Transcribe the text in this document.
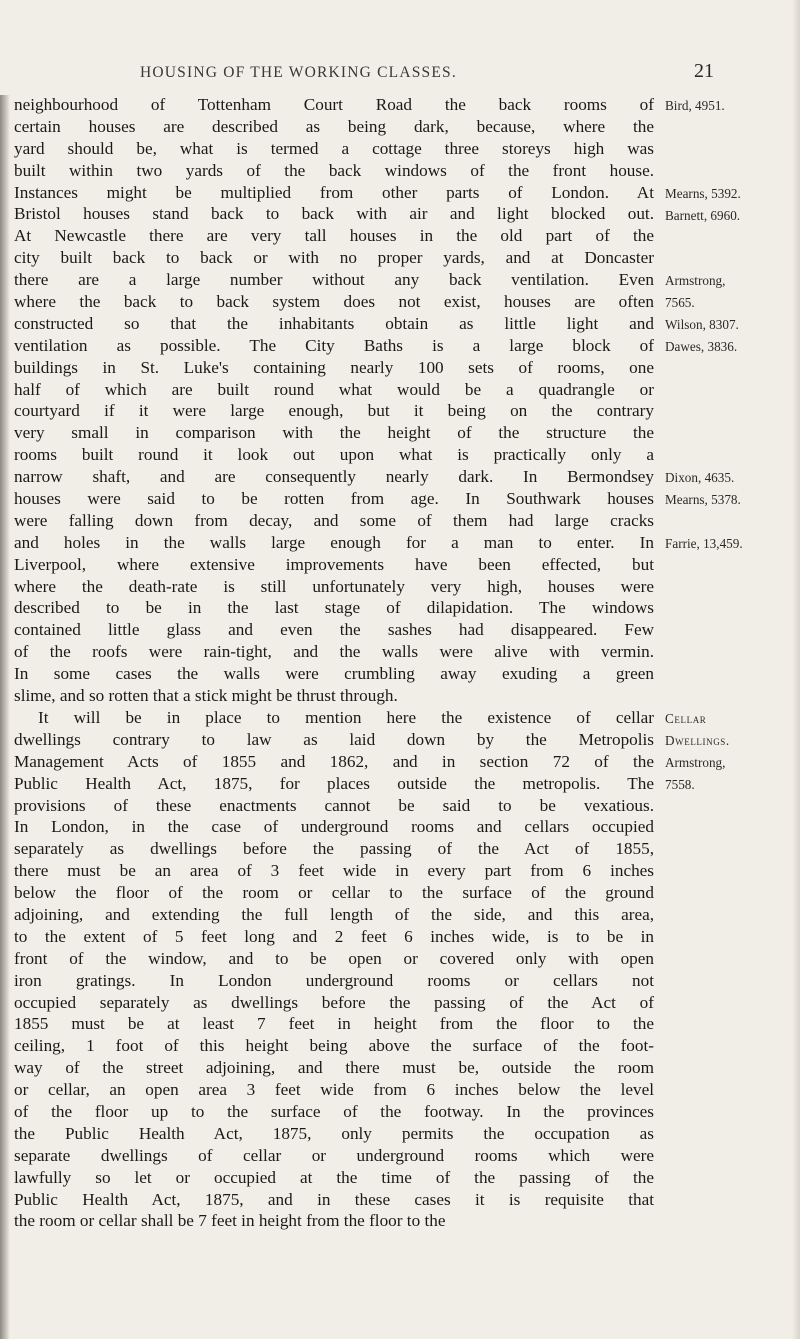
HOUSING OF THE WORKING CLASSES.	21
neighbourhood of Tottenham Court Road the back rooms of
certain houses are described as being dark, because, where the
yard should be, what is termed a cottage three storeys high was
built within two yards of the back windows of the front house.
Instances might be multiplied from other parts of London. At
Bristol houses stand back to back with air and light blocked out.
At Newcastle there are very tall houses in the old part of the
city built back to back or with no proper yards, and at Doncaster
there are a large number without any back ventilation. Even
where the back to back system does not exist, houses are often
constructed so that the inhabitants obtain as little light and
ventilation as possible. The City Baths is a large block of
buildings in St. Luke's containing nearly 100 sets of rooms, one
half of which are built round what would be a quadrangle or
courtyard if it were large enough, but it being on the contrary
very small in comparison with the height of the structure the
rooms built round it look out upon what is practically only a
narrow shaft, and are consequently nearly dark. In Bermondsey
houses were said to be rotten from age. In Southwark houses
were falling down from decay, and some of them had large cracks
and holes in the walls large enough for a man to enter. In
Liverpool, where extensive improvements have been effected, but
where the death-rate is still unfortunately very high, houses were
described to be in the last stage of dilapidation. The windows
contained little glass and even the sashes had disappeared. Few
of the roofs were rain-tight, and the walls were alive with vermin.
In some cases the walls were crumbling away exuding a green
slime, and so rotten that a stick might be thrust through.
It will be in place to mention here the existence of cellar
dwellings contrary to law as laid down by the Metropolis
Management Acts of 1855 and 1862, and in section 72 of the
Public Health Act, 1875, for places outside the metropolis. The
provisions of these enactments cannot be said to be vexatious.
In London, in the case of underground rooms and cellars occupied
separately as dwellings before the passing of the Act of 1855,
there must be an area of 3 feet wide in every part from 6 inches
below the floor of the room or cellar to the surface of the ground
adjoining, and extending the full length of the side, and this area,
to the extent of 5 feet long and 2 feet 6 inches wide, is to be in
front of the window, and to be open or covered only with open
iron gratings. In London underground rooms or cellars not
occupied separately as dwellings before the passing of the Act of
1855 must be at least 7 feet in height from the floor to the
ceiling, 1 foot of this height being above the surface of the foot-
way of the street adjoining, and there must be, outside the room
or cellar, an open area 3 feet wide from 6 inches below the level
of the floor up to the surface of the footway. In the provinces
the Public Health Act, 1875, only permits the occupation as
separate dwellings of cellar or underground rooms which were
lawfully so let or occupied at the time of the passing of the
Public Health Act, 1875, and in these cases it is requisite that
the room or cellar shall be 7 feet in height from the floor to the
Bird, 4951.
Mearns, 5392.
Barnett, 6960.
Armstrong,
7565.
Wilson, 8307.
Dawes, 3836.
Dixon, 4635.
Mearns, 5378.
Farrie, 13,459.
Cellar
Dwellings.
Armstrong,
7558.
